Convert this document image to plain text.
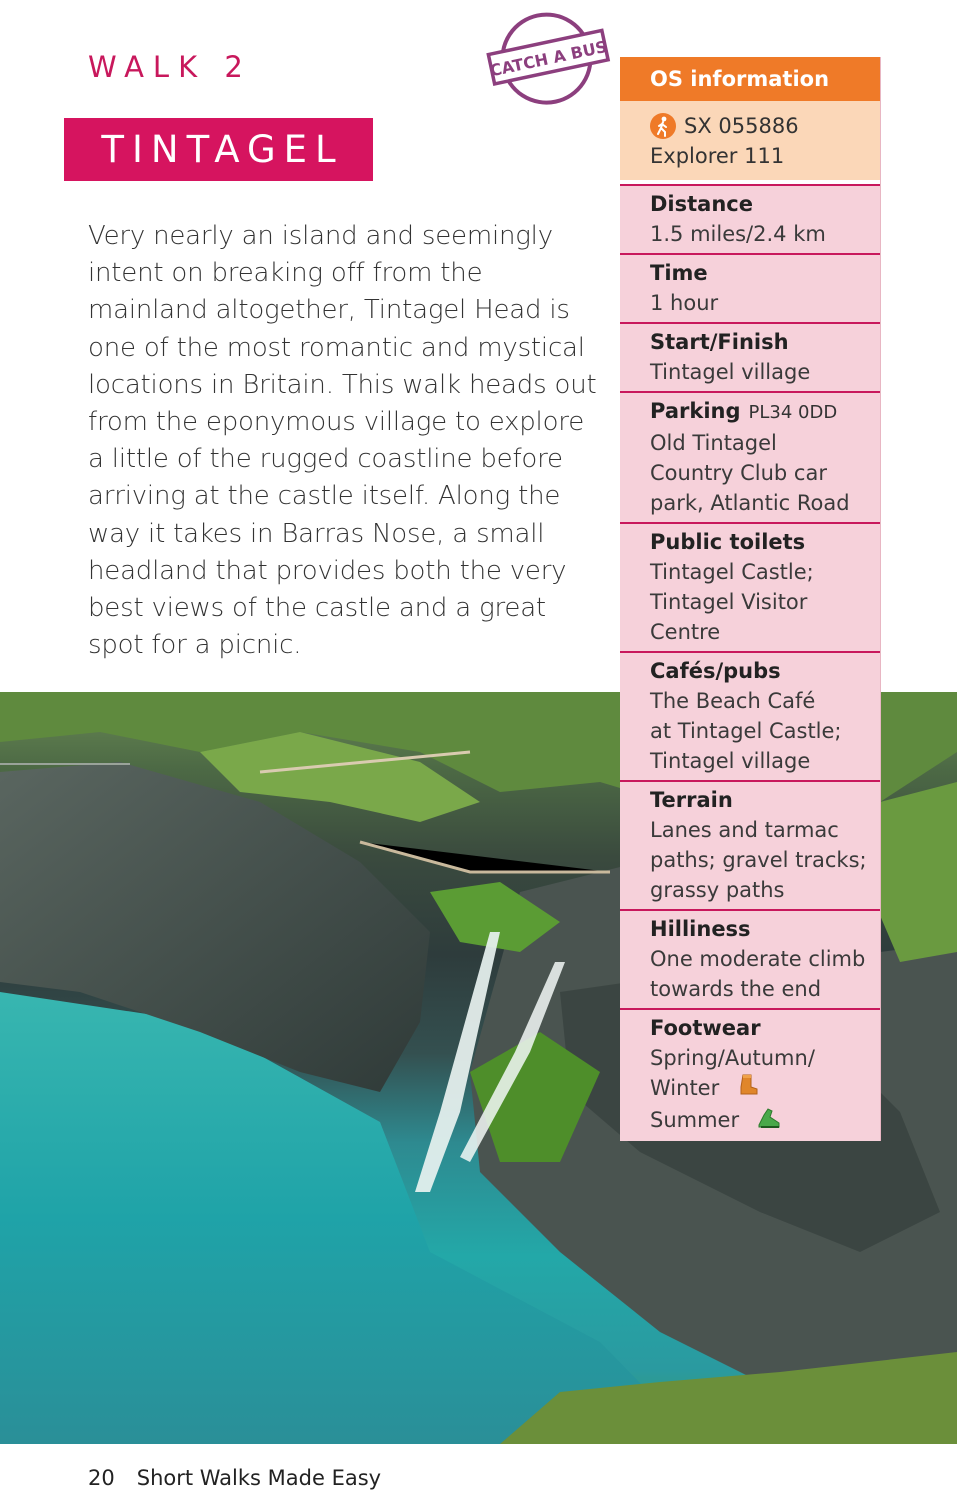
WALK 2
TINTAGEL
CATCH A BUS
Very nearly an island and seemingly
intent on breaking off from the
mainland altogether, Tintagel Head is
one of the most romantic and mystical
locations in Britain. This walk heads out
from the eponymous village to explore
a little of the rugged coastline before
arriving at the castle itself. Along the
way it takes in Barras Nose, a small
headland that provides both the very
best views of the castle and a great
spot for a picnic.
OS information
SX 055886
Explorer 111
Distance
1.5 miles/2.4 km
Time
1 hour
Start/Finish
Tintagel village
Parking PL34 0DD
Old Tintagel
Country Club car
park, Atlantic Road
Public toilets
Tintagel Castle;
Tintagel Visitor
Centre
Cafés/pubs
The Beach Café
at Tintagel Castle;
Tintagel village
Terrain
Lanes and tarmac
paths; gravel tracks;
grassy paths
Hilliness
One moderate climb
towards the end
Footwear
Spring/Autumn/
Winter
Summer
20 Short Walks Made Easy
